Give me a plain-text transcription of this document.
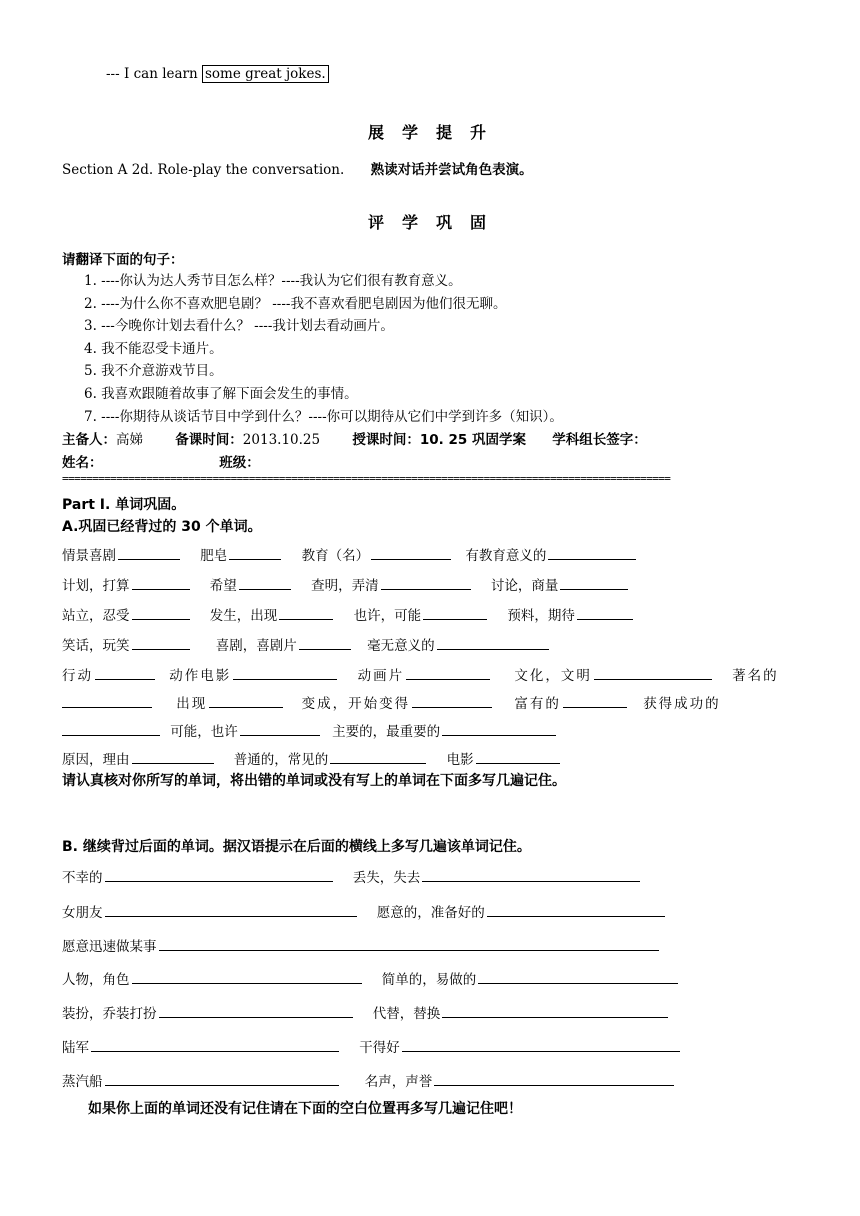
--- I can learn some great jokes.
展学提升
Section A 2d. Role-play the conversation. 熟读对话并尝试角色表演。
评学巩固
请翻译下面的句子：
1. ----你认为达人秀节目怎么样？----我认为它们很有教育意义。
2. ----为什么你不喜欢肥皂剧？ ----我不喜欢看肥皂剧因为他们很无聊。
3. ---今晚你计划去看什么？ ----我计划去看动画片。
4. 我不能忍受卡通片。
5. 我不介意游戏节目。
6. 我喜欢跟随着故事了解下面会发生的事情。
7. ----你期待从谈话节目中学到什么？----你可以期待从它们中学到许多（知识）。
主备人：高娣 备课时间：2013.10.25 授课时间：10. 25 巩固学案 学科组长签字：
姓名：	班级：
=====================================================================================================
Part I. 单词巩固。
A.巩固已经背过的 30 个单词。
情景喜剧	肥皂	教育（名）	有教育意义的
计划，打算	希望	查明，弄清	讨论，商量
站立，忍受	发生，出现	也许，可能	预料，期待
笑话，玩笑	喜剧，喜剧片	毫无意义的
行动	动作电影	动画片	文化，文明	著名的
出现	变成，开始变得	富有的	获得成功的
可能，也许	主要的，最重要的
原因，理由	普通的，常见的	电影
请认真核对你所写的单词，将出错的单词或没有写上的单词在下面多写几遍记住。
B. 继续背过后面的单词。据汉语提示在后面的横线上多写几遍该单词记住。
不幸的	丢失，失去
女朋友	愿意的，准备好的
愿意迅速做某事
人物，角色	简单的，易做的
装扮，乔装打扮	代替，替换
陆军	干得好
蒸汽船	名声，声誉
如果你上面的单词还没有记住请在下面的空白位置再多写几遍记住吧！
